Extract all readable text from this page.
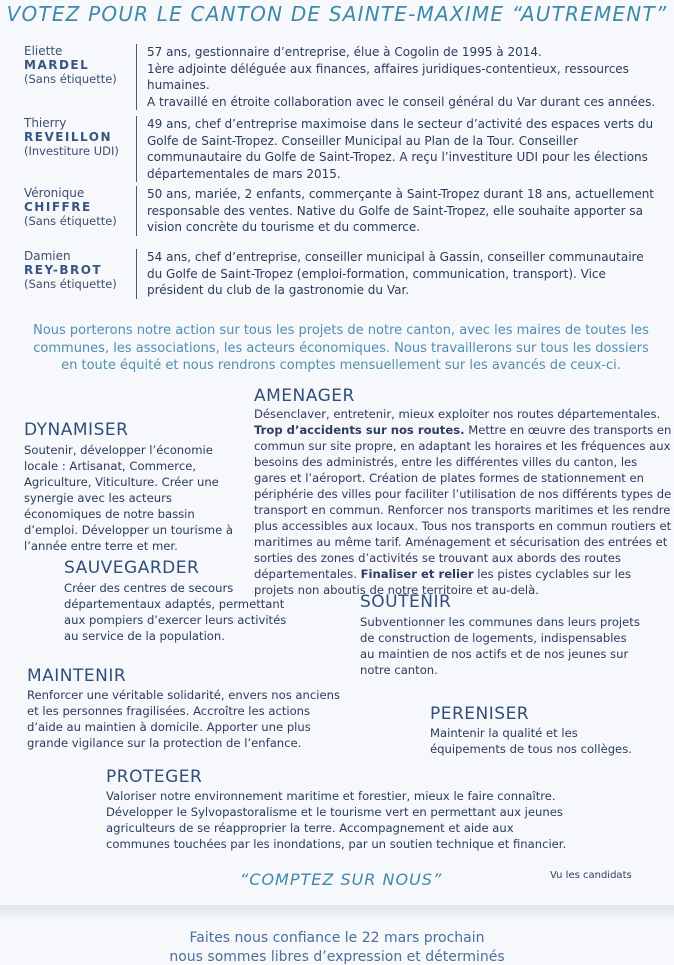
VOTEZ POUR LE CANTON DE SAINTE-MAXIME “AUTREMENT”
Eliette
MARDEL
(Sans étiquette)
57 ans, gestionnaire d’entreprise, élue à Cogolin de 1995 à 2014.
1ère adjointe déléguée aux finances, affaires juridiques-contentieux, ressources humaines.
A travaillé en étroite collaboration avec le conseil général du Var durant ces années.
Thierry
REVEILLON
(Investiture UDI)
49 ans, chef d’entreprise maximoise dans le secteur d’activité des espaces verts du Golfe de Saint-Tropez. Conseiller Municipal au Plan de la Tour. Conseiller communautaire du Golfe de Saint-Tropez. A reçu l’investiture UDI pour les élections départementales de mars 2015.
Véronique
CHIFFRE
(Sans étiquette)
50 ans, mariée, 2 enfants, commerçante à Saint-Tropez durant 18 ans, actuellement responsable des ventes. Native du Golfe de Saint-Tropez, elle souhaite apporter sa vision concrète du tourisme et du commerce.
Damien
REY-BROT
(Sans étiquette)
54 ans, chef d’entreprise, conseiller municipal à Gassin, conseiller communautaire du Golfe de Saint-Tropez (emploi-formation, communication, transport). Vice président du club de la gastronomie du Var.
Nous porterons notre action sur tous les projets de notre canton, avec les maires de toutes les communes, les associations, les acteurs économiques. Nous travaillerons sur tous les dossiers en toute équité et nous rendrons comptes mensuellement sur les avancés de ceux-ci.
AMENAGER
Désenclaver, entretenir, mieux exploiter nos routes départementales.
Trop d’accidents sur nos routes. Mettre en œuvre des transports en commun sur site propre, en adaptant les horaires et les fréquences aux besoins des administrés, entre les différentes villes du canton, les gares et l’aéroport. Création de plates formes de stationnement en périphérie des villes pour faciliter l’utilisation de nos différents types de transport en commun. Renforcer nos transports maritimes et les rendre plus accessibles aux locaux. Tous nos transports en commun routiers et maritimes au même tarif. Aménagement et sécurisation des entrées et sorties des zones d’activités se trouvant aux abords des routes départementales. Finaliser et relier les pistes cyclables sur les projets non aboutis de notre territoire et au-delà.
DYNAMISER
Soutenir, développer l’économie locale : Artisanat, Commerce, Agriculture, Viticulture. Créer une synergie avec les acteurs économiques de notre bassin d’emploi. Développer un tourisme à l’année entre terre et mer.
SAUVEGARDER
Créer des centres de secours départementaux adaptés, permettant aux pompiers d’exercer leurs activités au service de la population.
SOUTENIR
Subventionner les communes dans leurs projets de construction de logements, indispensables au maintien de nos actifs et de nos jeunes sur notre canton.
MAINTENIR
Renforcer une véritable solidarité, envers nos anciens et les personnes fragilisées. Accroître les actions d’aide au maintien à domicile. Apporter une plus grande vigilance sur la protection de l’enfance.
PERENISER
Maintenir la qualité et les équipements de tous nos collèges.
PROTEGER
Valoriser notre environnement maritime et forestier, mieux le faire connaître. Développer le Sylvopastoralisme et le tourisme vert en permettant aux jeunes agriculteurs de se réapproprier la terre. Accompagnement et aide aux communes touchées par les inondations, par un soutien technique et financier.
“COMPTEZ SUR NOUS”	Vu les candidats
Faites nous confiance le 22 mars prochain
nous sommes libres d’expression et déterminés
